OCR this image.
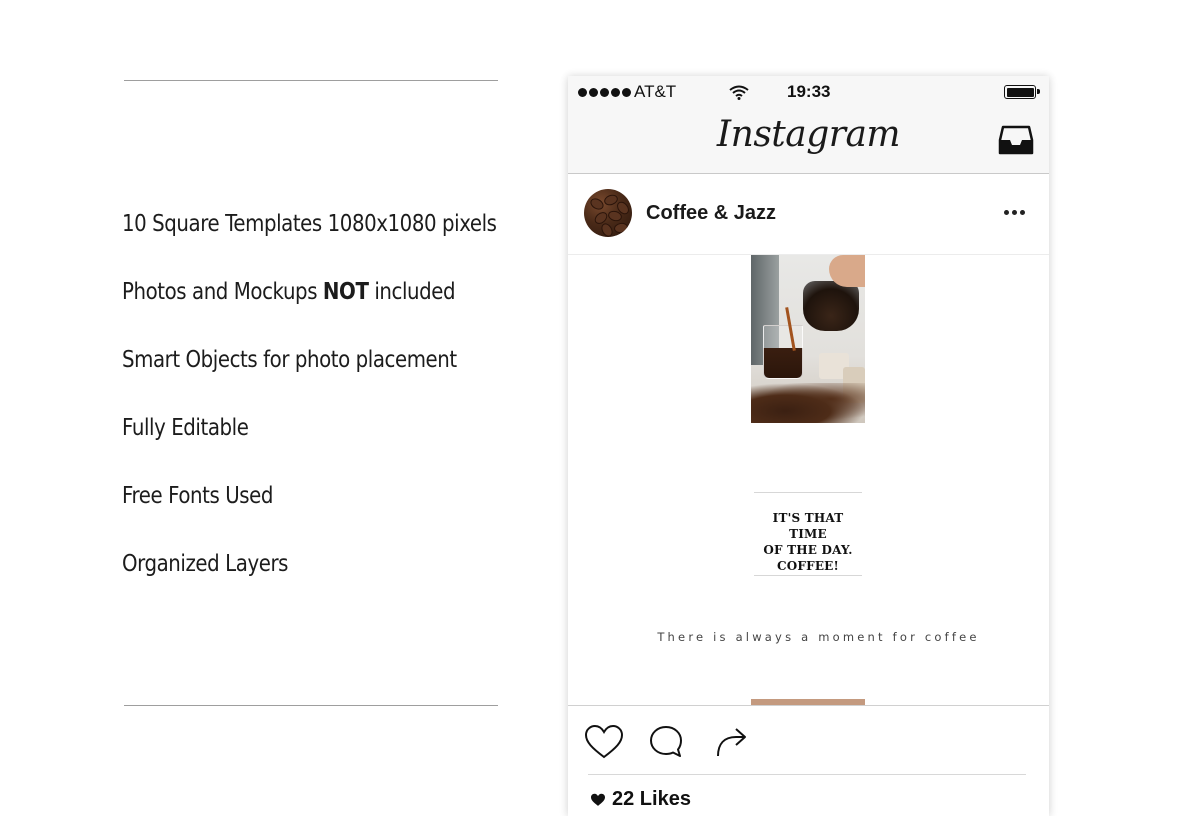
10 Square Templates 1080x1080 pixels
Photos and Mockups NOT included
Smart Objects for photo placement
Fully Editable
Free Fonts Used
Organized Layers
AT&T	19:33
Instagram
Coffee & Jazz
IT'S THAT TIME
OF THE DAY.
COFFEE!
There is always a moment for coffee
22 Likes
